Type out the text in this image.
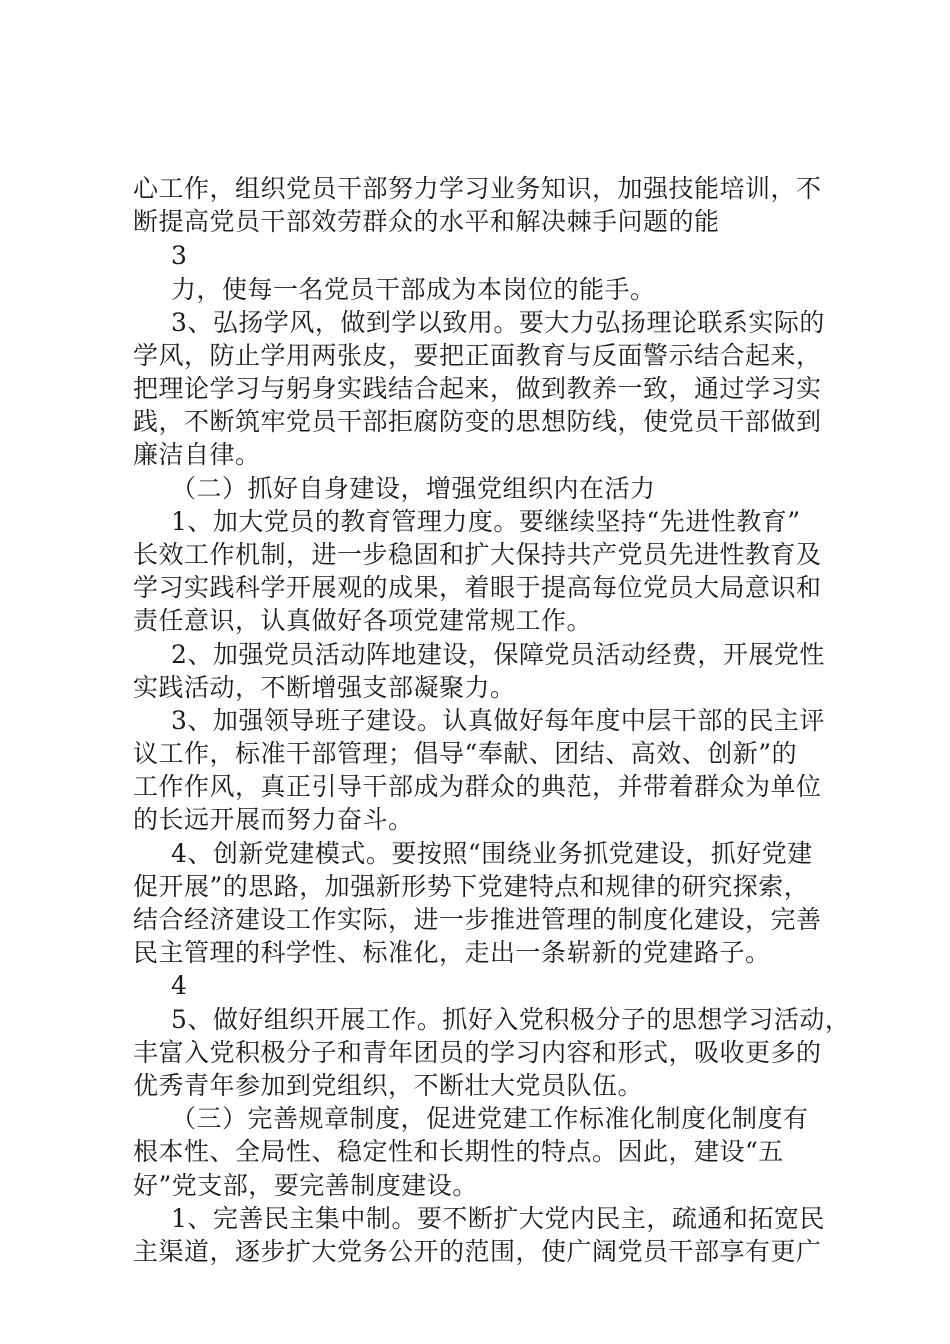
心工作，组织党员干部努力学习业务知识，加强技能培训，不
断提高党员干部效劳群众的水平和解决棘手问题的能
3
力，使每一名党员干部成为本岗位的能手。
3、弘扬学风，做到学以致用。要大力弘扬理论联系实际的
学风，防止学用两张皮，要把正面教育与反面警示结合起来，
把理论学习与躬身实践结合起来，做到教养一致，通过学习实
践，不断筑牢党员干部拒腐防变的思想防线，使党员干部做到
廉洁自律。
（二）抓好自身建设，增强党组织内在活力
1、加大党员的教育管理力度。要继续坚持“先进性教育”
长效工作机制，进一步稳固和扩大保持共产党员先进性教育及
学习实践科学开展观的成果，着眼于提高每位党员大局意识和
责任意识，认真做好各项党建常规工作。
2、加强党员活动阵地建设，保障党员活动经费，开展党性
实践活动，不断增强支部凝聚力。
3、加强领导班子建设。认真做好每年度中层干部的民主评
议工作，标准干部管理；倡导“奉献、团结、高效、创新”的
工作作风，真正引导干部成为群众的典范，并带着群众为单位
的长远开展而努力奋斗。
4、创新党建模式。要按照“围绕业务抓党建设，抓好党建
促开展”的思路，加强新形势下党建特点和规律的研究探索，
结合经济建设工作实际，进一步推进管理的制度化建设，完善
民主管理的科学性、标准化，走出一条崭新的党建路子。
4
5、做好组织开展工作。抓好入党积极分子的思想学习活动，
丰富入党积极分子和青年团员的学习内容和形式，吸收更多的
优秀青年参加到党组织，不断壮大党员队伍。
（三）完善规章制度，促进党建工作标准化制度化制度有
根本性、全局性、稳定性和长期性的特点。因此，建设“五
好”党支部，要完善制度建设。
1、完善民主集中制。要不断扩大党内民主，疏通和拓宽民
主渠道，逐步扩大党务公开的范围，使广阔党员干部享有更广
